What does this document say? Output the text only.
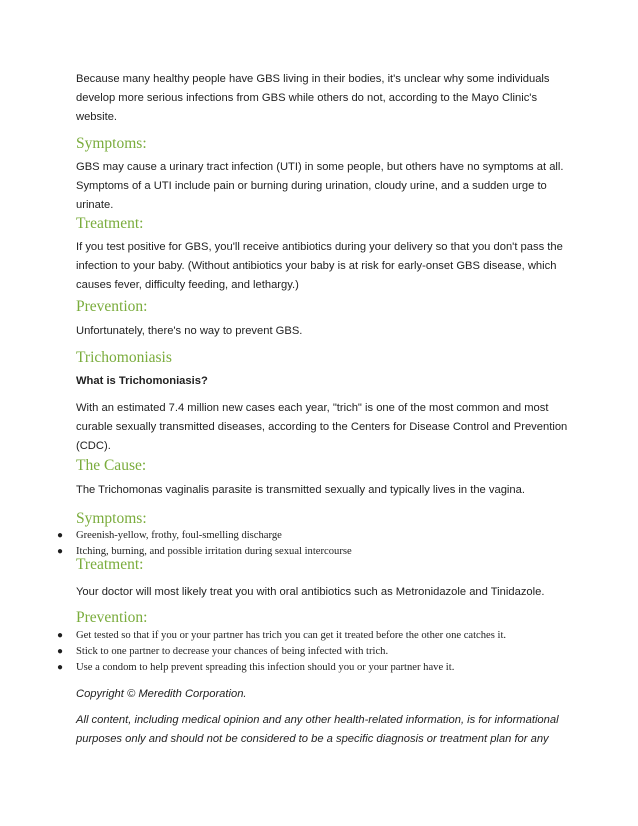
Because many healthy people have GBS living in their bodies, it's unclear why some individuals develop more serious infections from GBS while others do not, according to the Mayo Clinic's website.

Symptoms:

GBS may cause a urinary tract infection (UTI) in some people, but others have no symptoms at all. Symptoms of a UTI include pain or burning during urination, cloudy urine, and a sudden urge to urinate.

Treatment:

If you test positive for GBS, you'll receive antibiotics during your delivery so that you don't pass the infection to your baby. (Without antibiotics your baby is at risk for early-onset GBS disease, which causes fever, difficulty feeding, and lethargy.)

Prevention:

Unfortunately, there's no way to prevent GBS.

Trichomoniasis

What is Trichomoniasis?

With an estimated 7.4 million new cases each year, "trich" is one of the most common and most curable sexually transmitted diseases, according to the Centers for Disease Control and Prevention (CDC).

The Cause:

The Trichomonas vaginalis parasite is transmitted sexually and typically lives in the vagina.

Symptoms:
● Greenish-yellow, frothy, foul-smelling discharge
● Itching, burning, and possible irritation during sexual intercourse
Treatment:

Your doctor will most likely treat you with oral antibiotics such as Metronidazole and Tinidazole.

Prevention:
● Get tested so that if you or your partner has trich you can get it treated before the other one catches it.
● Stick to one partner to decrease your chances of being infected with trich.
● Use a condom to help prevent spreading this infection should you or your partner have it.

Copyright © Meredith Corporation.

All content, including medical opinion and any other health-related information, is for informational purposes only and should not be considered to be a specific diagnosis or treatment plan for any
